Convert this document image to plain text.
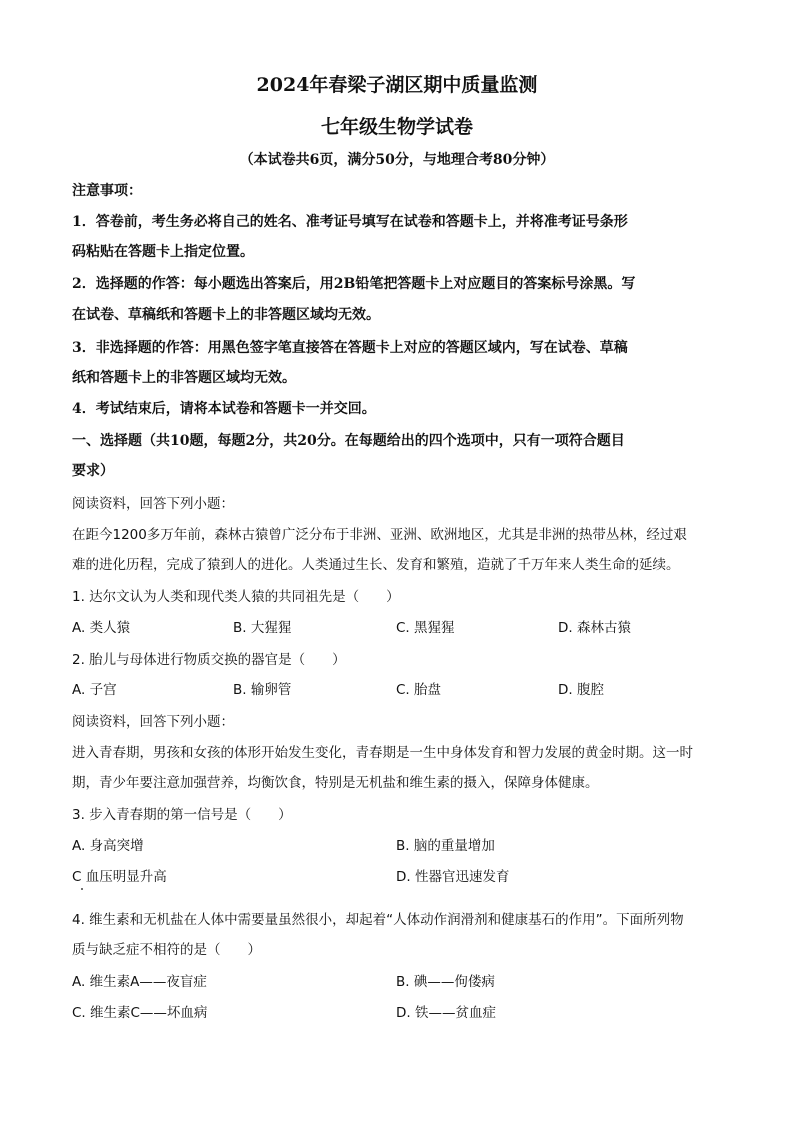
2024年春梁子湖区期中质量监测
七年级生物学试卷
（本试卷共6页，满分50分，与地理合考80分钟）
注意事项：
1．答卷前，考生务必将自己的姓名、准考证号填写在试卷和答题卡上，并将准考证号条形
码粘贴在答题卡上指定位置。
2．选择题的作答：每小题选出答案后，用2B铅笔把答题卡上对应题目的答案标号涂黑。写
在试卷、草稿纸和答题卡上的非答题区域均无效。
3．非选择题的作答：用黑色签字笔直接答在答题卡上对应的答题区域内，写在试卷、草稿
纸和答题卡上的非答题区域均无效。
4．考试结束后，请将本试卷和答题卡一并交回。
一、选择题（共10题，每题2分，共20分。在每题给出的四个选项中，只有一项符合题目
要求）
阅读资料，回答下列小题：
在距今1200多万年前，森林古猿曾广泛分布于非洲、亚洲、欧洲地区，尤其是非洲的热带丛林，经过艰
难的进化历程，完成了猿到人的进化。人类通过生长、发育和繁殖，造就了千万年来人类生命的延续。
1. 达尔文认为人类和现代类人猿的共同祖先是（　　）
A. 类人猿	B. 大猩猩	C. 黑猩猩	D. 森林古猿
2. 胎儿与母体进行物质交换的器官是（　　）
A. 子宫	B. 输卵管	C. 胎盘	D. 腹腔
阅读资料，回答下列小题：
进入青春期，男孩和女孩的体形开始发生变化，青春期是一生中身体发育和智力发展的黄金时期。这一时
期，青少年要注意加强营养，均衡饮食，特别是无机盐和维生素的摄入，保障身体健康。
3. 步入青春期的第一信号是（　　）
A. 身高突增	B. 脑的重量增加
C 血压明显升高	D. 性器官迅速发育
4. 维生素和无机盐在人体中需要量虽然很小，却起着“人体动作润滑剂和健康基石的作用”。下面所列物
质与缺乏症不相符的是（　　）
A. 维生素A——夜盲症	B. 碘——佝偻病
C. 维生素C——坏血病	D. 铁——贫血症
